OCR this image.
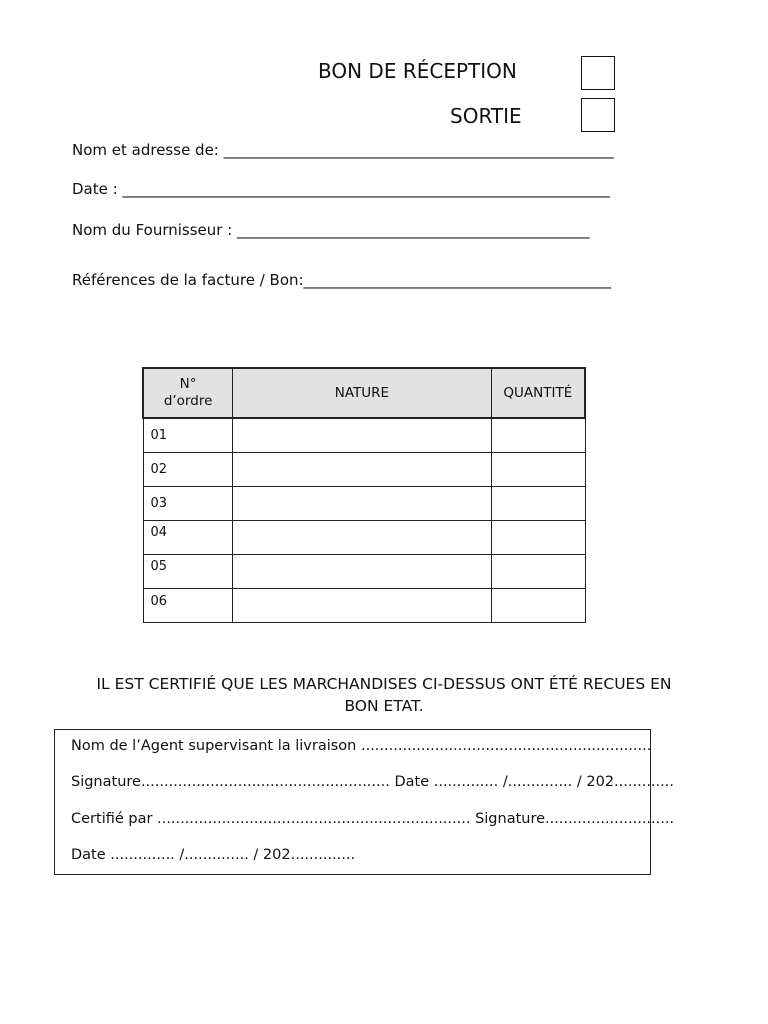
BON DE RÉCEPTION
SORTIE
Nom et adresse de: ____________________________________________________
Date : _________________________________________________________________
Nom du Fournisseur : _______________________________________________
Références de la facture / Bon:_________________________________________
N°
d’ordre	NATURE	QUANTITÉ
01		
02		
03		
04		
05		
06		
IL EST CERTIFIÉ QUE LES MARCHANDISES CI-DESSUS ONT ÉTÉ RECUES EN
BON ETAT.
Nom de l’Agent supervisant la livraison ...............................................................
Signature...................................................... Date .............. /.............. / 202.............
Certifié par .................................................................... Signature............................
Date .............. /.............. / 202..............
